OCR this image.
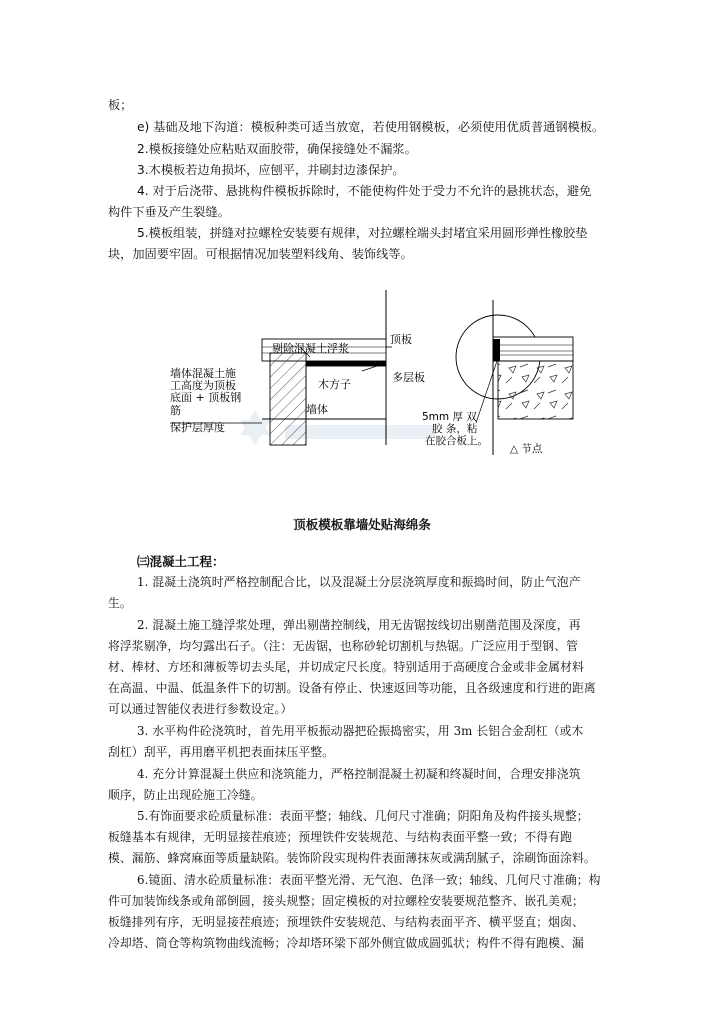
板；
e) 基础及地下沟道：模板种类可适当放宽，若使用钢模板，必须使用优质普通钢模板。
2.模板接缝处应粘贴双面胶带，确保接缝处不漏浆。
3.木模板若边角损坏，应刨平，并刷封边漆保护。
4. 对于后浇带、悬挑构件模板拆除时，不能使构件处于受力不允许的悬挑状态，避免
构件下垂及产生裂缝。
5.模板组装，拼缝对拉螺栓安装要有规律，对拉螺栓端头封堵宜采用圆形弹性橡胶垫
块，加固要牢固。可根据情况加装塑料线角、装饰线等。
剔除混凝土浮浆
顶板
多层板
木方子
墙体
墙体混凝土施
工高度为顶板
底面 + 顶板钢
筋
保护层厚度
5mm 厚 双
胶 条，粘
在胶合板上。
△ 节点
顶板模板靠墙处贴海绵条
㈢混凝土工程：
1. 混凝土浇筑时严格控制配合比，以及混凝土分层浇筑厚度和振捣时间，防止气泡产
生。
2. 混凝土施工缝浮浆处理，弹出剔凿控制线，用无齿锯按线切出剔凿范围及深度，再
将浮浆剔净，均匀露出石子。（注：无齿锯，也称砂轮切割机与热锯。广泛应用于型钢、管
材、棒材、方坯和薄板等切去头尾，并切成定尺长度。特别适用于高硬度合金或非金属材料
在高温、中温、低温条件下的切割。设备有停止、快速返回等功能，且各级速度和行进的距离
可以通过智能仪表进行参数设定。）
3. 水平构件砼浇筑时，首先用平板振动器把砼振捣密实，用 3m 长铝合金刮杠（或木
刮杠）刮平，再用磨平机把表面抹压平整。
4. 充分计算混凝土供应和浇筑能力，严格控制混凝土初凝和终凝时间，合理安排浇筑
顺序，防止出现砼施工冷缝。
5.有饰面要求砼质量标准：表面平整；轴线、几何尺寸准确；阴阳角及构件接头规整；
板缝基本有规律，无明显接茬痕迹；预埋铁件安装规范、与结构表面平整一致；不得有跑
模、漏筋、蜂窝麻面等质量缺陷。装饰阶段实现构件表面薄抹灰或满刮腻子，涂刷饰面涂料。
6.镜面、清水砼质量标准：表面平整光滑、无气泡、色泽一致；轴线、几何尺寸准确；构
件可加装饰线条或角部倒圆，接头规整；固定模板的对拉螺栓安装要规范整齐、嵌孔美观；
板缝排列有序，无明显接茬痕迹；预埋铁件安装规范、与结构表面平齐、横平竖直；烟囱、
冷却塔、筒仓等构筑物曲线流畅；冷却塔环梁下部外侧宜做成圆弧状；构件不得有跑模、漏
